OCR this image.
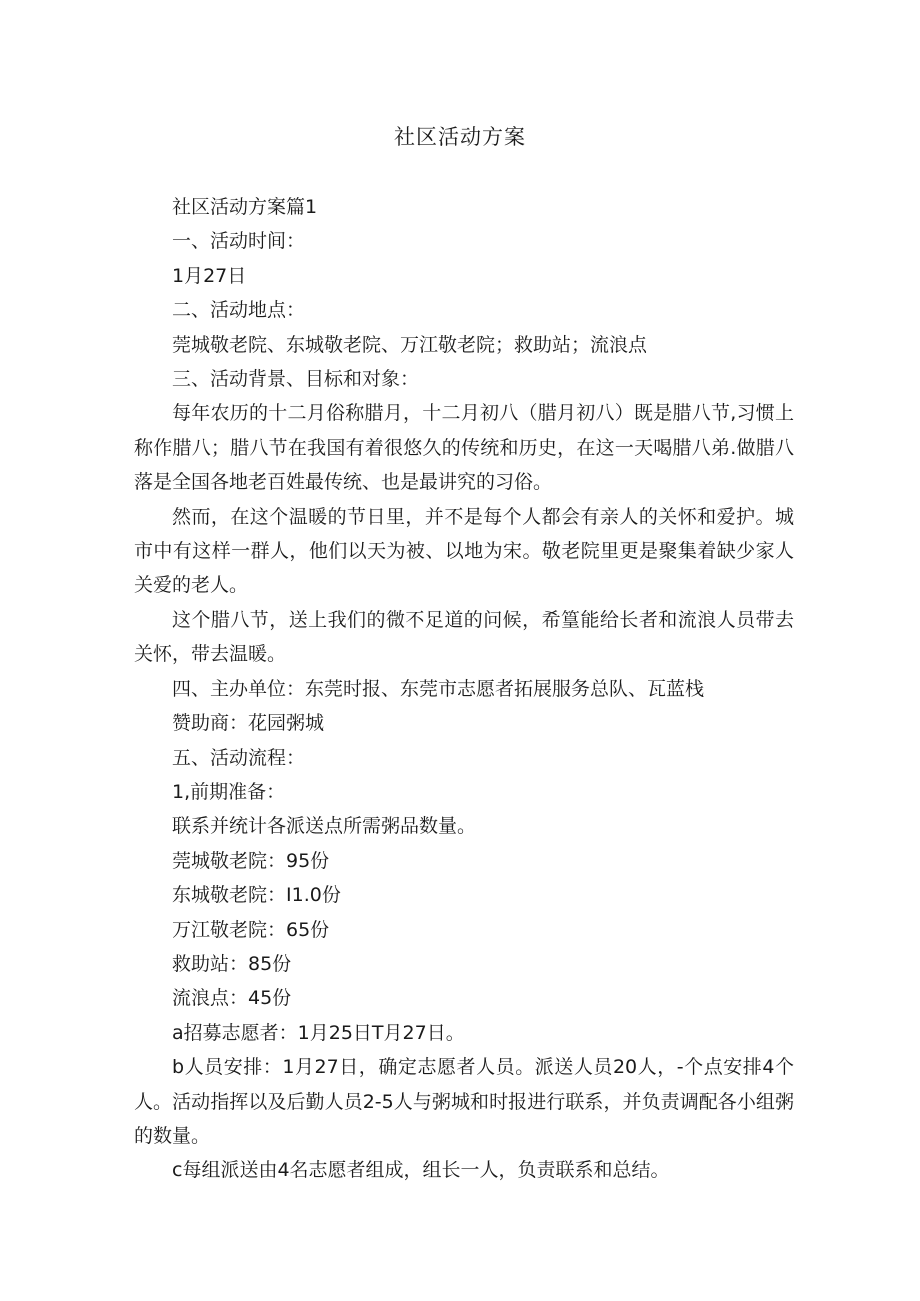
社区活动方案

社区活动方案篇1

一、活动时间：

1月27日

二、活动地点：

莞城敬老院、东城敬老院、万江敬老院；救助站；流浪点

三、活动背景、目标和对象：

每年农历的十二月俗称腊月，十二月初八（腊月初八）既是腊八节,习惯上称作腊八；腊八节在我国有着很悠久的传统和历史，在这一天喝腊八弟.做腊八落是全国各地老百姓最传统、也是最讲究的习俗。

然而，在这个温暖的节日里，并不是每个人都会有亲人的关怀和爱护。城市中有这样一群人，他们以天为被、以地为宋。敬老院里更是聚集着缺少家人关爱的老人。

这个腊八节，送上我们的微不足道的问候，希篁能给长者和流浪人员带去关怀，带去温暖。

四、主办单位：东莞时报、东莞市志愿者拓展服务总队、瓦蓝栈

赞助商：花园粥城

五、活动流程：

1,前期准备：

联系并统计各派送点所需粥品数量。

莞城敬老院：95份

东城敬老院：I1.0份

万江敬老院：65份

救助站：85份

流浪点：45份

a招募志愿者：1月25日T月27日。

b人员安排：1月27日，确定志愿者人员。派送人员20人，-个点安排4个人。活动指挥以及后勤人员2-5人与粥城和时报进行联系，并负责调配各小组粥的数量。

c每组派送由4名志愿者组成，组长一人，负责联系和总结。
